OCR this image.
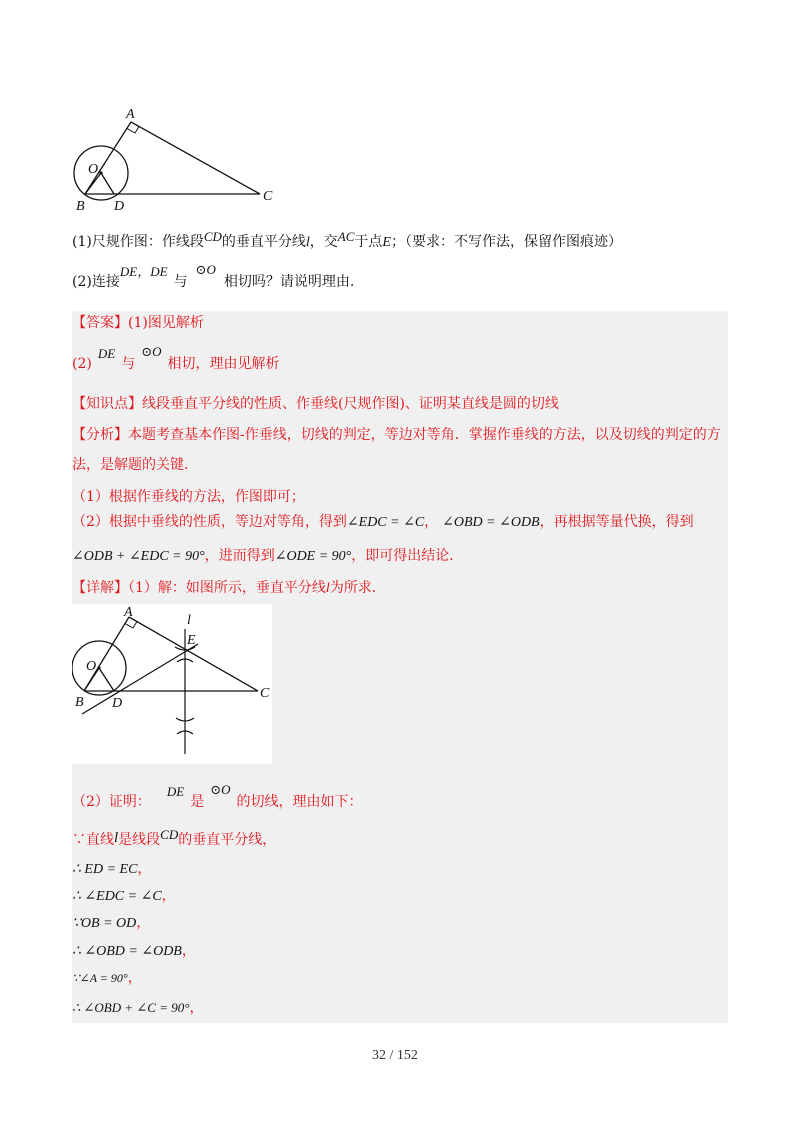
A
O
B D
C
(1)尺规作图：作线段CD的垂直平分线l，交AC于点E；（要求：不写作法，保留作图痕迹）
(2)连接DE，DE与⊙O相切吗？请说明理由.
【答案】(1)图见解析
(2)DE与⊙O相切，理由见解析
【知识点】线段垂直平分线的性质、作垂线(尺规作图)、证明某直线是圆的切线
【分析】本题考查基本作图-作垂线，切线的判定，等边对等角．掌握作垂线的方法，以及切线的判定的方
法，是解题的关键．
（1）根据作垂线的方法，作图即可；
（2）根据中垂线的性质，等边对等角，得到∠EDC = ∠C， ∠OBD = ∠ODB，再根据等量代换，得到
∠ODB + ∠EDC = 90°，进而得到∠ODE = 90°，即可得出结论．
【详解】（1）解：如图所示，垂直平分线l为所求．
A
l
E
O
B D
C
（2）证明：DE是⊙O的切线，理由如下：
∵直线l是线段CD的垂直平分线，
∴ ED = EC，
∴ ∠EDC = ∠C，
∵OB = OD，
∴ ∠OBD = ∠ODB，
∵∠A = 90°，
∴ ∠OBD + ∠C = 90°，
32 / 152
